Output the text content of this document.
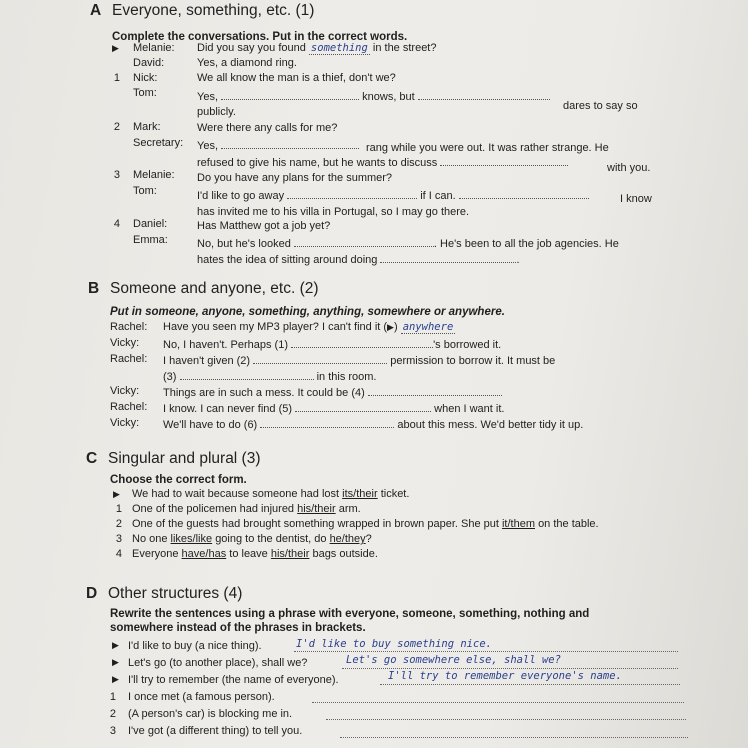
A Everyone, something, etc. (1)
Complete the conversations. Put in the correct words.
▶ Melanie: Did you say you found something in the street?
David:	Yes, a diamond ring.
1 Nick:	We all know the man is a thief, don't we?
Tom:	Yes,	knows, but
dares to say so
publicly.
2 Mark:	Were there any calls for me?
Secretary: Yes,	rang while you were out. It was rather strange. He
refused to give his name, but he wants to discuss	with you.
3 Melanie: Do you have any plans for the summer?
Tom:	I'd like to go away	if I can.	I know
has invited me to his villa in Portugal, so I may go there.
4 Daniel:	Has Matthew got a job yet?
Emma:	No, but he's looked	. He's been to all the job agencies. He
hates the idea of sitting around doing	.
B Someone and anyone, etc. (2)
Put in someone, anyone, something, anything, somewhere or anywhere.
Rachel: Have you seen my MP3 player? I can't find it (▶) anywhere
Vicky: No, I haven't. Perhaps (1)	's borrowed it.
Rachel: I haven't given (2)	permission to borrow it. It must be
(3)	in this room.
Vicky: Things are in such a mess. It could be (4)
Rachel: I know. I can never find (5)	when I want it.
Vicky: We'll have to do (6)	about this mess. We'd better tidy it up.
C Singular and plural (3)
Choose the correct form.
▶ We had to wait because someone had lost its/their ticket.
1 One of the policemen had injured his/their arm.
2 One of the guests had brought something wrapped in brown paper. She put it/them on the table.
3 No one likes/like going to the dentist, do he/they?
4 Everyone have/has to leave his/their bags outside.
D Other structures (4)
Rewrite the sentences using a phrase with everyone, someone, something, nothing and
somewhere instead of the phrases in brackets.
▶ I'd like to buy (a nice thing).	I'd like to buy something nice.
▶ Let's go (to another place), shall we?	Let's go somewhere else, shall we?
▶ I'll try to remember (the name of everyone).	I'll try to remember everyone's name.
1 I once met (a famous person).
2 (A person's car) is blocking me in.
3 I've got (a different thing) to tell you.
